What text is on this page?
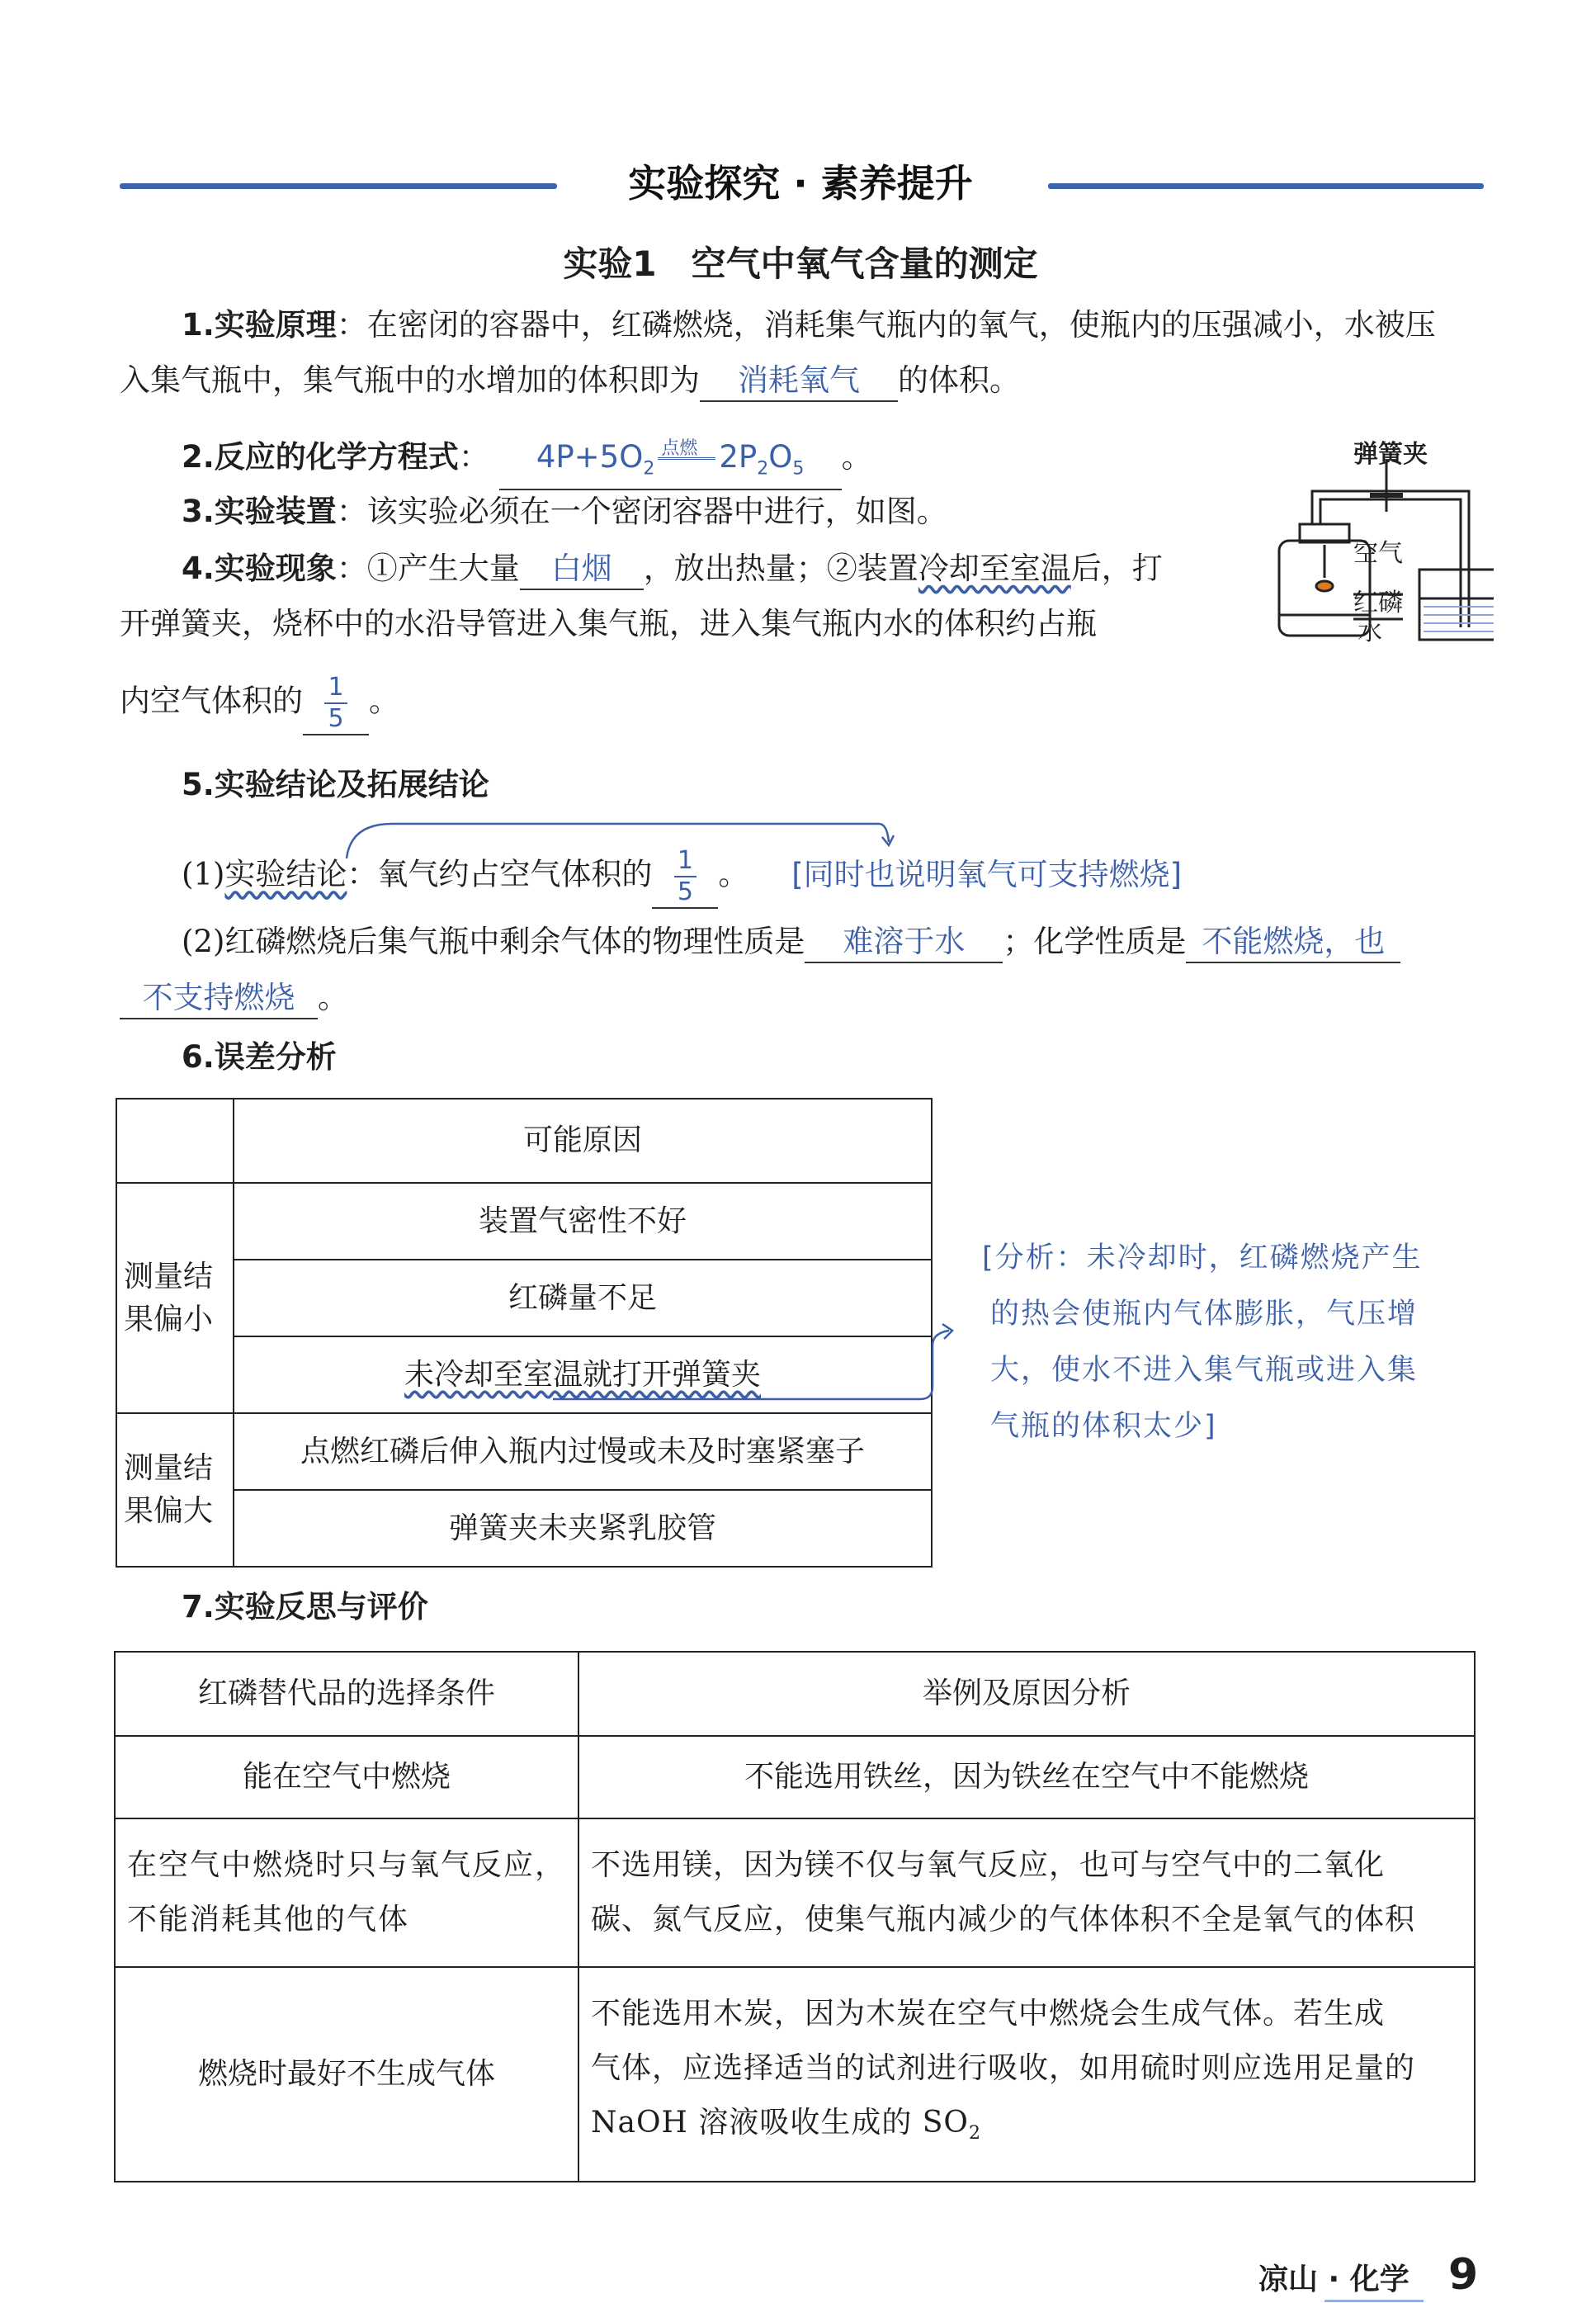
实验探究 · 素养提升
实验1　空气中氧气含量的测定
1.实验原理：在密闭的容器中，红磷燃烧，消耗集气瓶内的氧气，使瓶内的压强减小，水被压
入集气瓶中，集气瓶中的水增加的体积即为 消耗氧气 的体积。
2.反应的化学方程式： $4P+5O_2$
点燃 $2P_2O_5$ 。
3.实验装置：该实验必须在一个密闭容器中进行，如图。
4.实验现象：①产生大量 白烟 ，放出热量；②装置冷却至室温后，打
开弹簧夹，烧杯中的水沿导管进入集气瓶，进入集气瓶内水的体积约占瓶
内空气体积的 $\frac{1}{5}$ 。
弹簧夹
空气
红磷
水
5.实验结论及拓展结论
(1)实验结论：氧气约占空气体积的 $\frac{1}{5}$ 。 [同时也说明氧气可支持燃烧]
(2)红磷燃烧后集气瓶中剩余气体的物理性质是 难溶于水 ；化学性质是 不能燃烧，也
不支持燃烧 。
6.误差分析
	可能原因
测量结果偏小	装置气密性不好
	红磷量不足
	未冷却至室温就打开弹簧夹
测量结果偏大	点燃红磷后伸入瓶内过慢或未及时塞紧塞子
	弹簧夹未夹紧乳胶管
[分析：未冷却时，红磷燃烧产生
的热会使瓶内气体膨胀，气压增
大，使水不进入集气瓶或进入集
气瓶的体积太少]
7.实验反思与评价
红磷替代品的选择条件	举例及原因分析
能在空气中燃烧	不能选用铁丝，因为铁丝在空气中不能燃烧
在空气中燃烧时只与氧气反应，不能消耗其他的气体	不选用镁，因为镁不仅与氧气反应，也可与空气中的二氧化
碳、氮气反应，使集气瓶内减少的气体体积不全是氧气的体积

燃烧时最好不生成气体	不能选用木炭，因为木炭在空气中燃烧会生成气体。若生成
气体，应选择适当的试剂进行吸收，如用硫时则应选用足量的
NaOH 溶液吸收生成的 $SO_2$
凉山 · 化学 9
